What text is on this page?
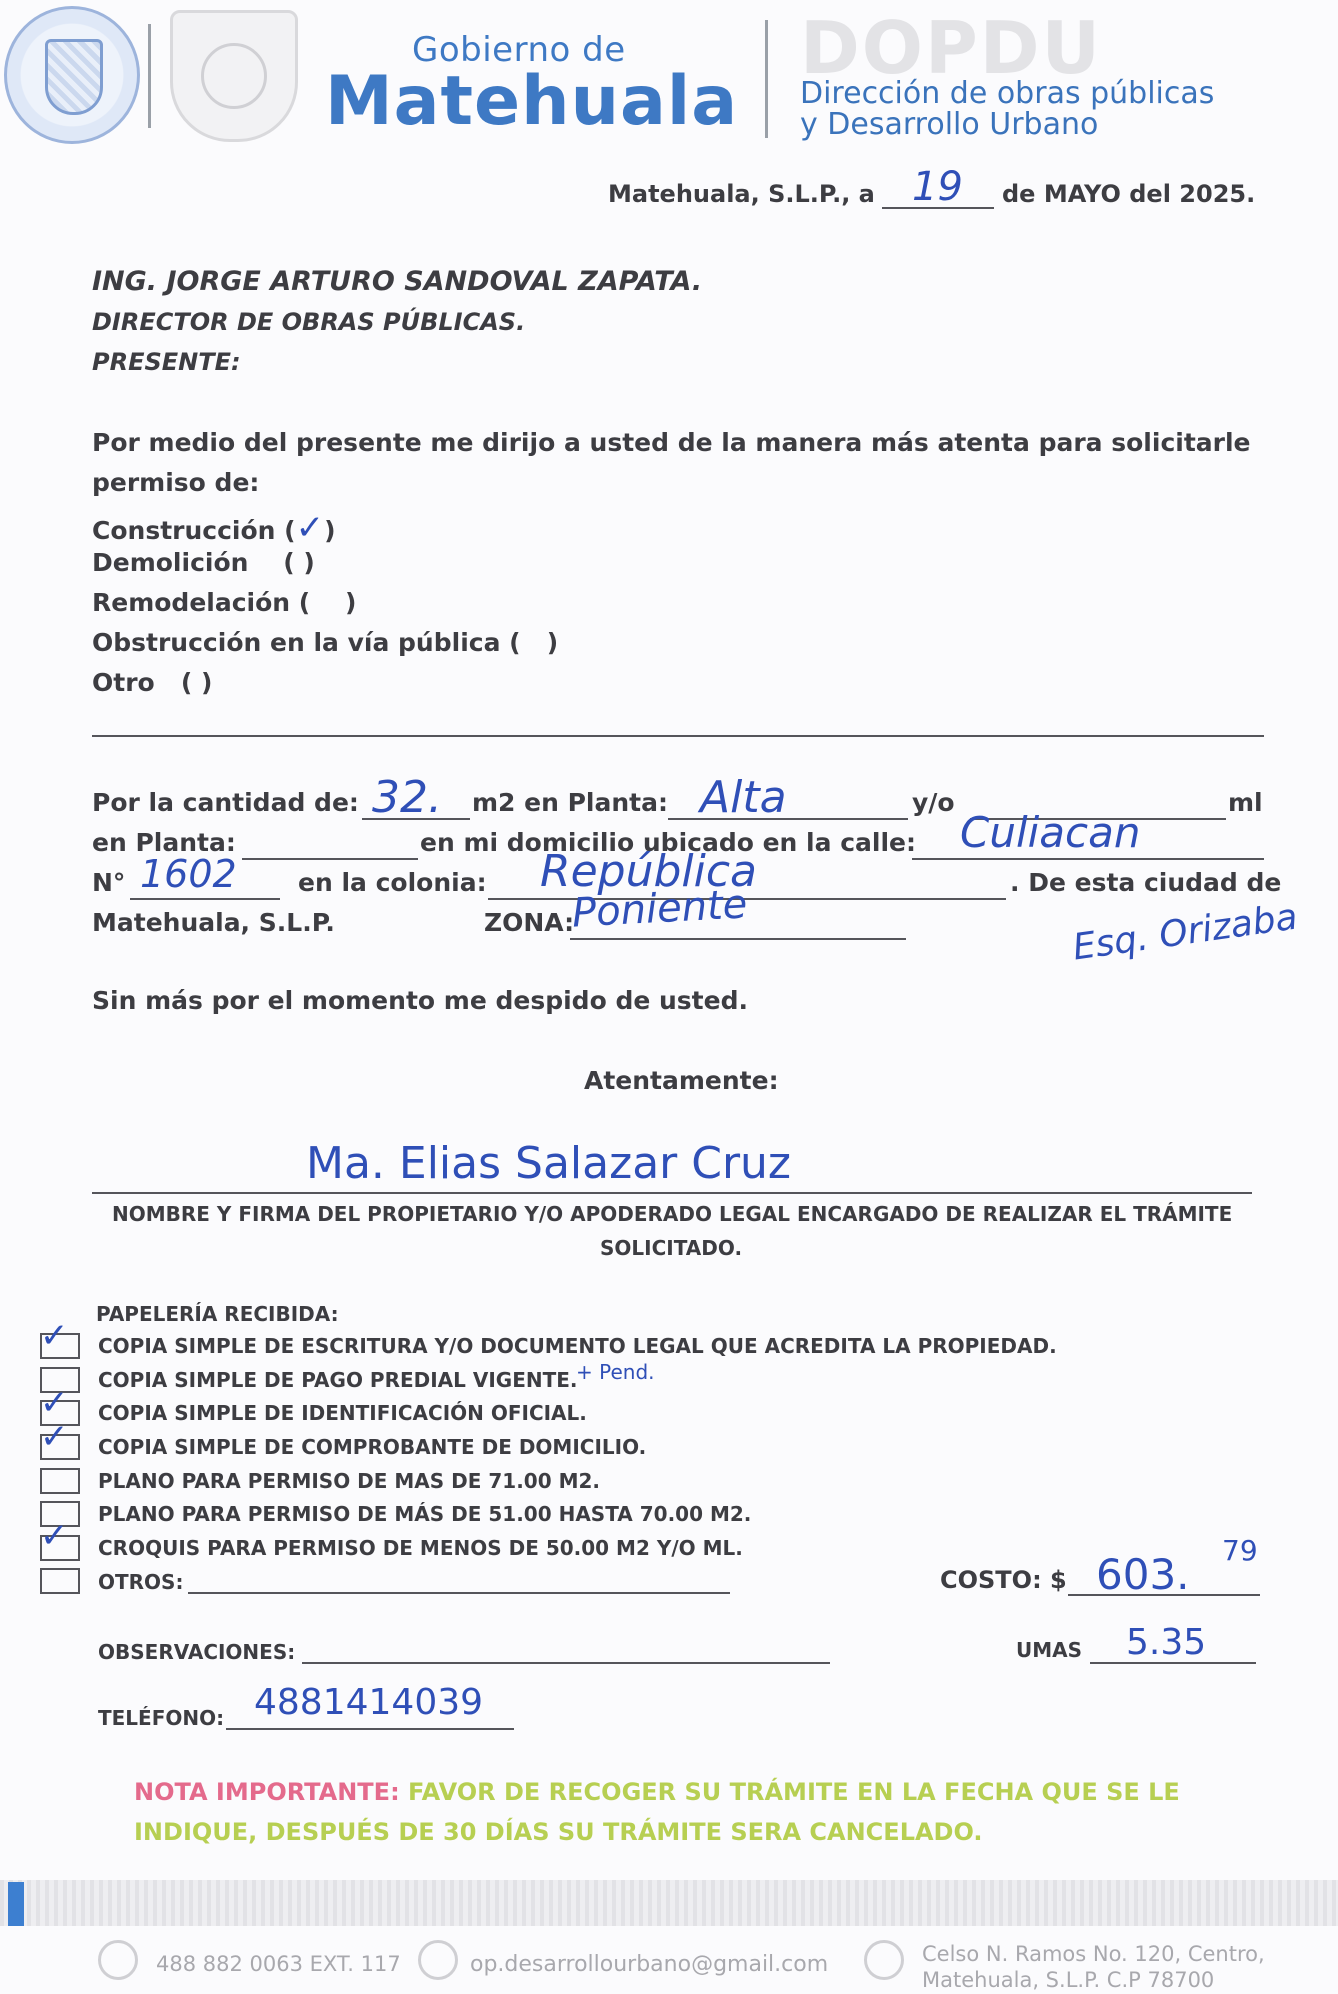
Gobierno de
Matehuala
DOPDU
Dirección de obras públicas
y Desarrollo Urbano
Matehuala, S.L.P., a 19 de MAYO del 2025.
ING. JORGE ARTURO SANDOVAL ZAPATA.
DIRECTOR DE OBRAS PÚBLICAS.
PRESENTE:
Por medio del presente me dirijo a usted de la manera más atenta para solicitarle
permiso de:
Construcción (✓)
Demolición ( )
Remodelación ( )
Obstrucción en la vía pública ( )
Otro ( )
Por la cantidad de: 32. m2 en Planta: Alta	y/o	ml
en Planta:	en mi domicilio ubicado en la calle: Culiacan
N° 1602 en la colonia: República	. De esta ciudad de
Matehuala, S.L.P.	ZONA:
Poniente	Esq. Orizaba
Sin más por el momento me despido de usted.
Atentamente:
Ma. Elias Salazar Cruz
NOMBRE Y FIRMA DEL PROPIETARIO Y/O APODERADO LEGAL ENCARGADO DE REALIZAR EL TRÁMITE
SOLICITADO.
PAPELERÍA RECIBIDA:
✓ COPIA SIMPLE DE ESCRITURA Y/O DOCUMENTO LEGAL QUE ACREDITA LA PROPIEDAD.
COPIA SIMPLE DE PAGO PREDIAL VIGENTE.
+ Pend.
✓ COPIA SIMPLE DE IDENTIFICACIÓN OFICIAL.
✓ COPIA SIMPLE DE COMPROBANTE DE DOMICILIO.
PLANO PARA PERMISO DE MAS DE 71.00 M2.
PLANO PARA PERMISO DE MÁS DE 51.00 HASTA 70.00 M2.
✓ CROQUIS PARA PERMISO DE MENOS DE 50.00 M2 Y/O ML.
OTROS:	COSTO: $ 603. 79
UMAS 5.35
OBSERVACIONES:
TELÉFONO: 4881414039
NOTA IMPORTANTE: FAVOR DE RECOGER SU TRÁMITE EN LA FECHA QUE SE LE
INDIQUE, DESPUÉS DE 30 DÍAS SU TRÁMITE SERA CANCELADO.
488 882 0063 EXT. 117	op.desarrollourbano@gmail.com	Celso N. Ramos No. 120, Centro,
Matehuala, S.L.P. C.P 78700
